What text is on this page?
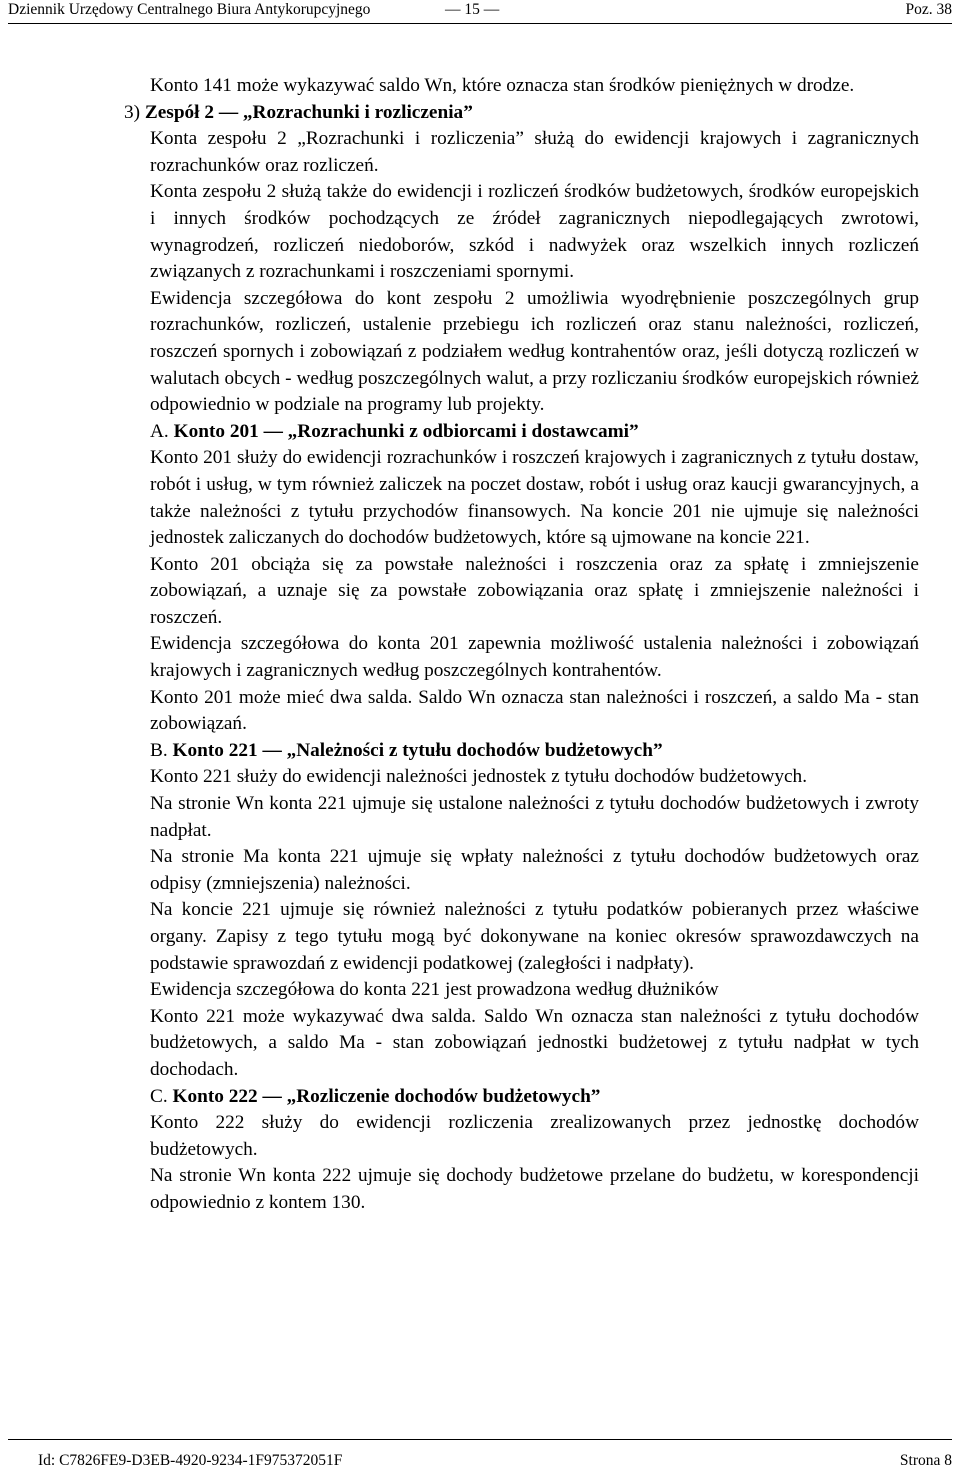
Dziennik Urzędowy Centralnego Biura Antykorupcyjnego	— 15 —	Poz. 38

Konto 141 może wykazywać saldo Wn, które oznacza stan środków pieniężnych w drodze.

3) Zespół 2 — „Rozrachunki i rozliczenia”

Konta zespołu 2 „Rozrachunki i rozliczenia” służą do ewidencji krajowych i zagranicznych rozrachunków oraz rozliczeń.

Konta zespołu 2 służą także do ewidencji i rozliczeń środków budżetowych, środków europejskich i innych środków pochodzących ze źródeł zagranicznych niepodlegających zwrotowi, wynagrodzeń, rozliczeń niedoborów, szkód i nadwyżek oraz wszelkich innych rozliczeń związanych z rozrachunkami i roszczeniami spornymi.

Ewidencja szczegółowa do kont zespołu 2 umożliwia wyodrębnienie poszczególnych grup rozrachunków, rozliczeń, ustalenie przebiegu ich rozliczeń oraz stanu należności, rozliczeń, roszczeń spornych i zobowiązań z podziałem według kontrahentów oraz, jeśli dotyczą rozliczeń w walutach obcych - według poszczególnych walut, a przy rozliczaniu środków europejskich również odpowiednio w podziale na programy lub projekty.

A. Konto 201 — „Rozrachunki z odbiorcami i dostawcami”

Konto 201 służy do ewidencji rozrachunków i roszczeń krajowych i zagranicznych z tytułu dostaw, robót i usług, w tym również zaliczek na poczet dostaw, robót i usług oraz kaucji gwarancyjnych, a także należności z tytułu przychodów finansowych. Na koncie 201 nie ujmuje się należności jednostek zaliczanych do dochodów budżetowych, które są ujmowane na koncie 221.

Konto 201 obciąża się za powstałe należności i roszczenia oraz za spłatę i zmniejszenie zobowiązań, a uznaje się za powstałe zobowiązania oraz spłatę i zmniejszenie należności i roszczeń.

Ewidencja szczegółowa do konta 201 zapewnia możliwość ustalenia należności i zobowiązań krajowych i zagranicznych według poszczególnych kontrahentów.

Konto 201 może mieć dwa salda. Saldo Wn oznacza stan należności i roszczeń, a saldo Ma - stan zobowiązań.

B. Konto 221 — „Należności z tytułu dochodów budżetowych”

Konto 221 służy do ewidencji należności jednostek z tytułu dochodów budżetowych.

Na stronie Wn konta 221 ujmuje się ustalone należności z tytułu dochodów budżetowych i zwroty nadpłat.

Na stronie Ma konta 221 ujmuje się wpłaty należności z tytułu dochodów budżetowych oraz odpisy (zmniejszenia) należności.

Na koncie 221 ujmuje się również należności z tytułu podatków pobieranych przez właściwe organy. Zapisy z tego tytułu mogą być dokonywane na koniec okresów sprawozdawczych na podstawie sprawozdań z ewidencji podatkowej (zaległości i nadpłaty).

Ewidencja szczegółowa do konta 221 jest prowadzona według dłużników

Konto 221 może wykazywać dwa salda. Saldo Wn oznacza stan należności z tytułu dochodów budżetowych, a saldo Ma - stan zobowiązań jednostki budżetowej z tytułu nadpłat w tych dochodach.

C. Konto 222 — „Rozliczenie dochodów budżetowych”

Konto 222 służy do ewidencji rozliczenia zrealizowanych przez jednostkę dochodów budżetowych.

Na stronie Wn konta 222 ujmuje się dochody budżetowe przelane do budżetu, w korespondencji odpowiednio z kontem 130.

Id: C7826FE9-D3EB-4920-9234-1F975372051F	Strona 8
